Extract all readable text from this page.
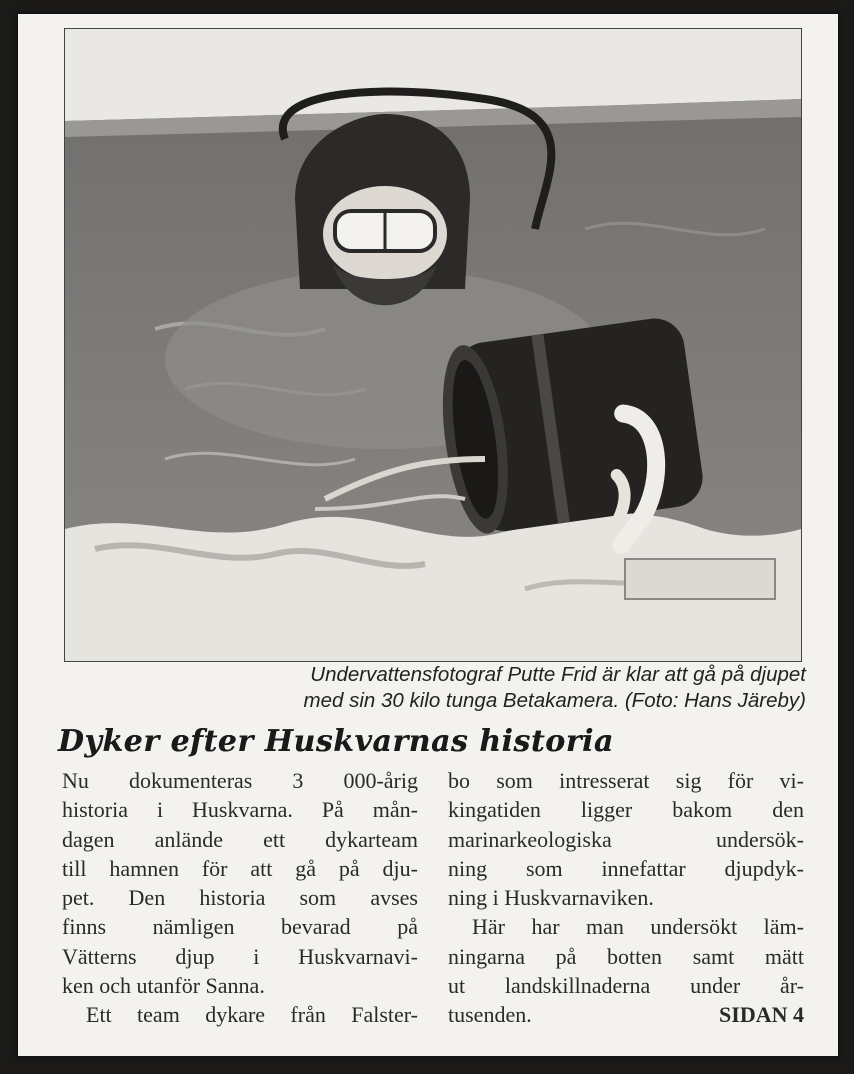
Undervattensfotograf Putte Frid är klar att gå på djupet
med sin 30 kilo tunga Betakamera. (Foto: Hans Järeby)
Dyker efter Huskvarnas historia
Nu dokumenteras 3 000-årig
historia i Huskvarna. På mån-
dagen anlände ett dykarteam
till hamnen för att gå på dju-
pet. Den historia som avses
finns nämligen bevarad på
Vätterns djup i Huskvarnavi-
ken och utanför Sanna.
Ett team dykare från Falster-
bo som intresserat sig för vi-
kingatiden ligger bakom den
marinarkeologiska undersök-
ning som innefattar djupdyk-
ning i Huskvarnaviken.
Här har man undersökt läm-
ningarna på botten samt mätt
ut landskillnaderna under år-
tusenden.	SIDAN 4
